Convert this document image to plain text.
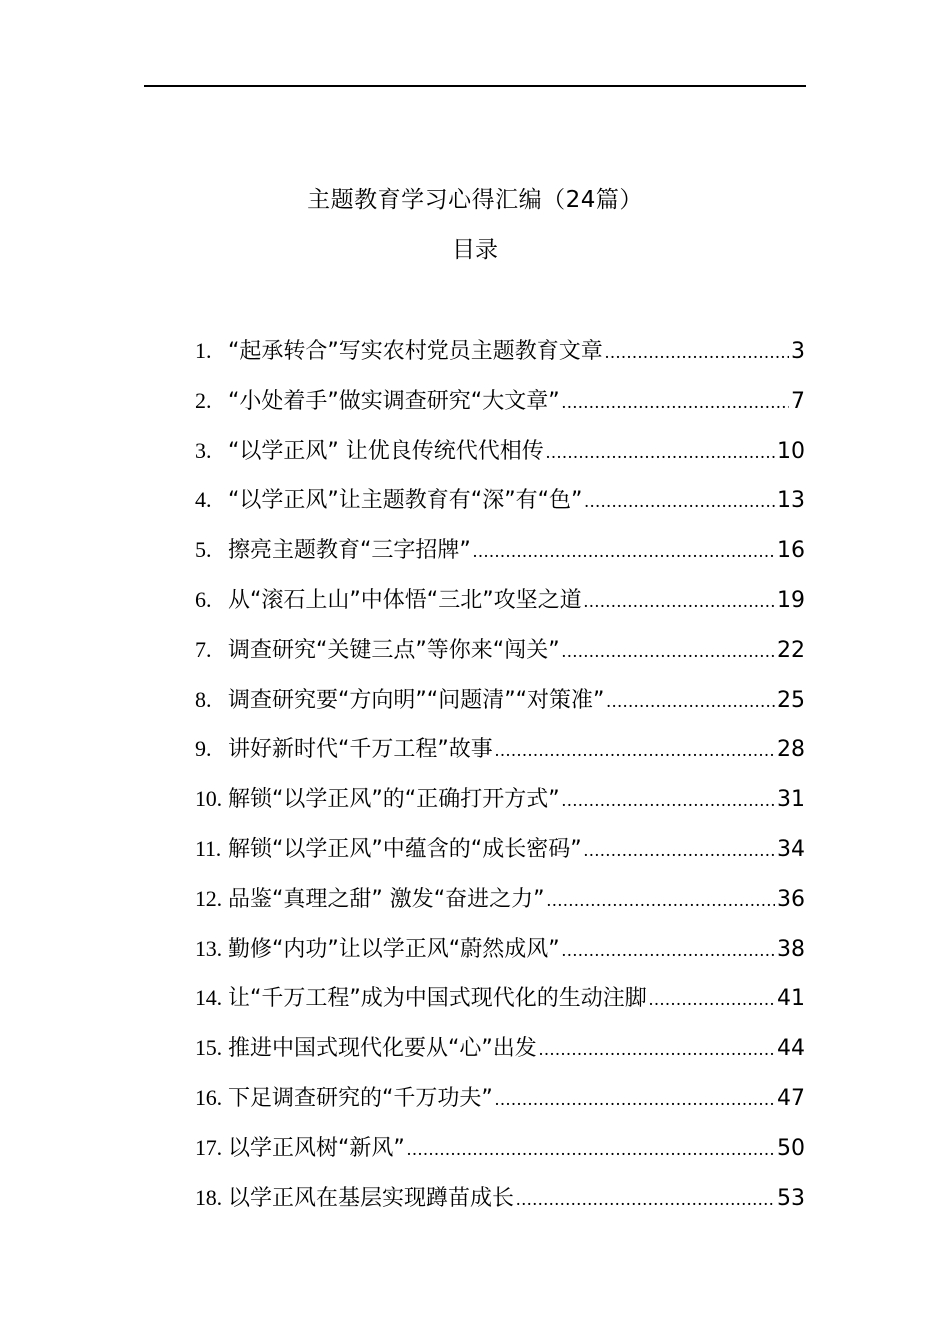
主题教育学习心得汇编（24篇）
目录
1. “起承转合”写实农村党员主题教育文章 .....	3
2. “小处着手”做实调查研究“大文章” .....	7
3. “以学正风” 让优良传统代代相传 .....	10
4. “以学正风”让主题教育有“深”有“色” .....	13
5. 擦亮主题教育“三字招牌” .....	16
6. 从“滚石上山”中体悟“三北”攻坚之道 .....	19
7. 调查研究“关键三点”等你来“闯关” .....	22
8. 调查研究要“方向明”“问题清”“对策准” .....	25
9. 讲好新时代“千万工程”故事 .....	28
10. 解锁“以学正风”的“正确打开方式” .....	31
11. 解锁“以学正风”中蕴含的“成长密码” .....	34
12. 品鉴“真理之甜” 激发“奋进之力” .....	36
13. 勤修“内功”让以学正风“蔚然成风” .....	38
14. 让“千万工程”成为中国式现代化的生动注脚 .....	41
15. 推进中国式现代化要从“心”出发 .....	44
16. 下足调查研究的“千万功夫” .....	47
17. 以学正风树“新风” .....	50
18. 以学正风在基层实现蹲苗成长 .....	53
